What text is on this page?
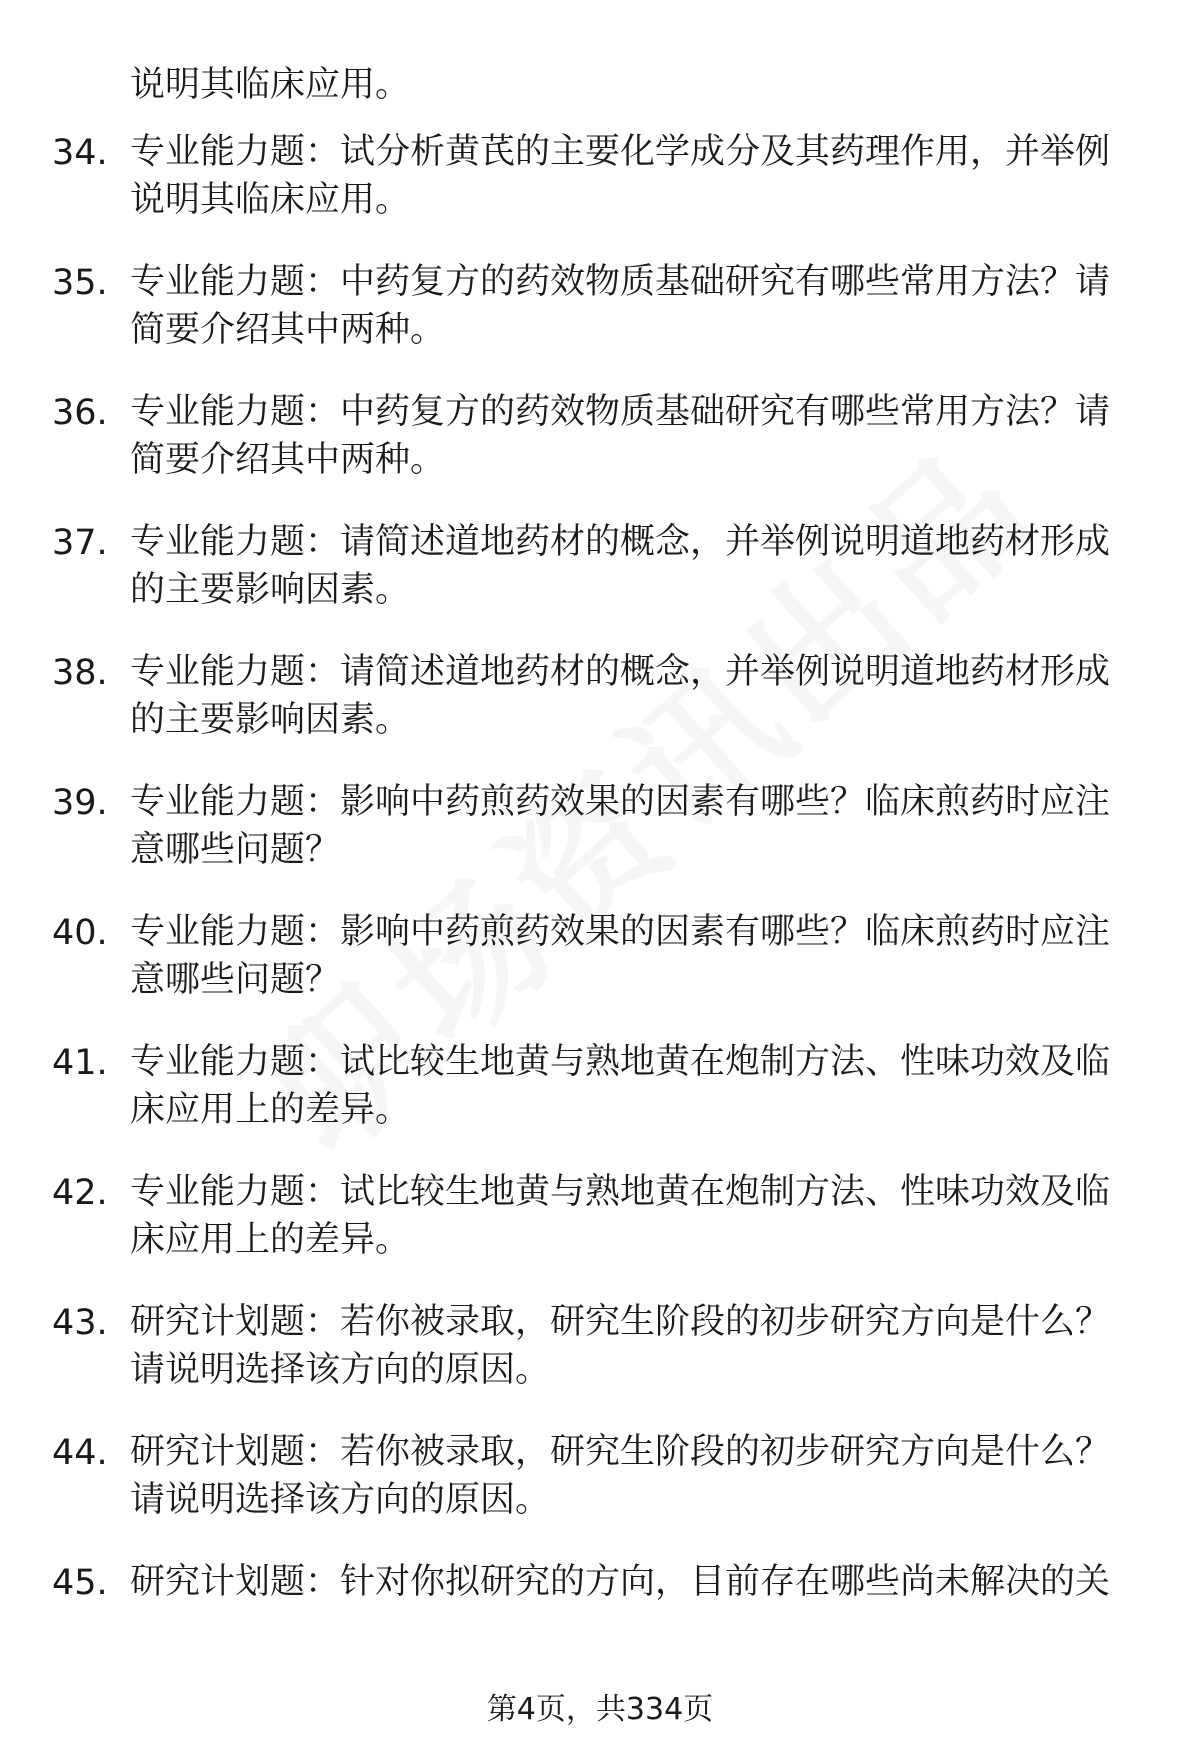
说明其临床应用。
34. 专业能力题：试分析黄芪的主要化学成分及其药理作用，并举例
说明其临床应用。
35. 专业能力题：中药复方的药效物质基础研究有哪些常用方法？请
简要介绍其中两种。
36. 专业能力题：中药复方的药效物质基础研究有哪些常用方法？请
简要介绍其中两种。
37. 专业能力题：请简述道地药材的概念，并举例说明道地药材形成
的主要影响因素。
38. 专业能力题：请简述道地药材的概念，并举例说明道地药材形成
的主要影响因素。
39. 专业能力题：影响中药煎药效果的因素有哪些？临床煎药时应注
意哪些问题？
40. 专业能力题：影响中药煎药效果的因素有哪些？临床煎药时应注
意哪些问题？
41. 专业能力题：试比较生地黄与熟地黄在炮制方法、性味功效及临
床应用上的差异。
42. 专业能力题：试比较生地黄与熟地黄在炮制方法、性味功效及临
床应用上的差异。
43. 研究计划题：若你被录取，研究生阶段的初步研究方向是什么？
请说明选择该方向的原因。
44. 研究计划题：若你被录取，研究生阶段的初步研究方向是什么？
请说明选择该方向的原因。
45. 研究计划题：针对你拟研究的方向，目前存在哪些尚未解决的关
第4页，共334页
